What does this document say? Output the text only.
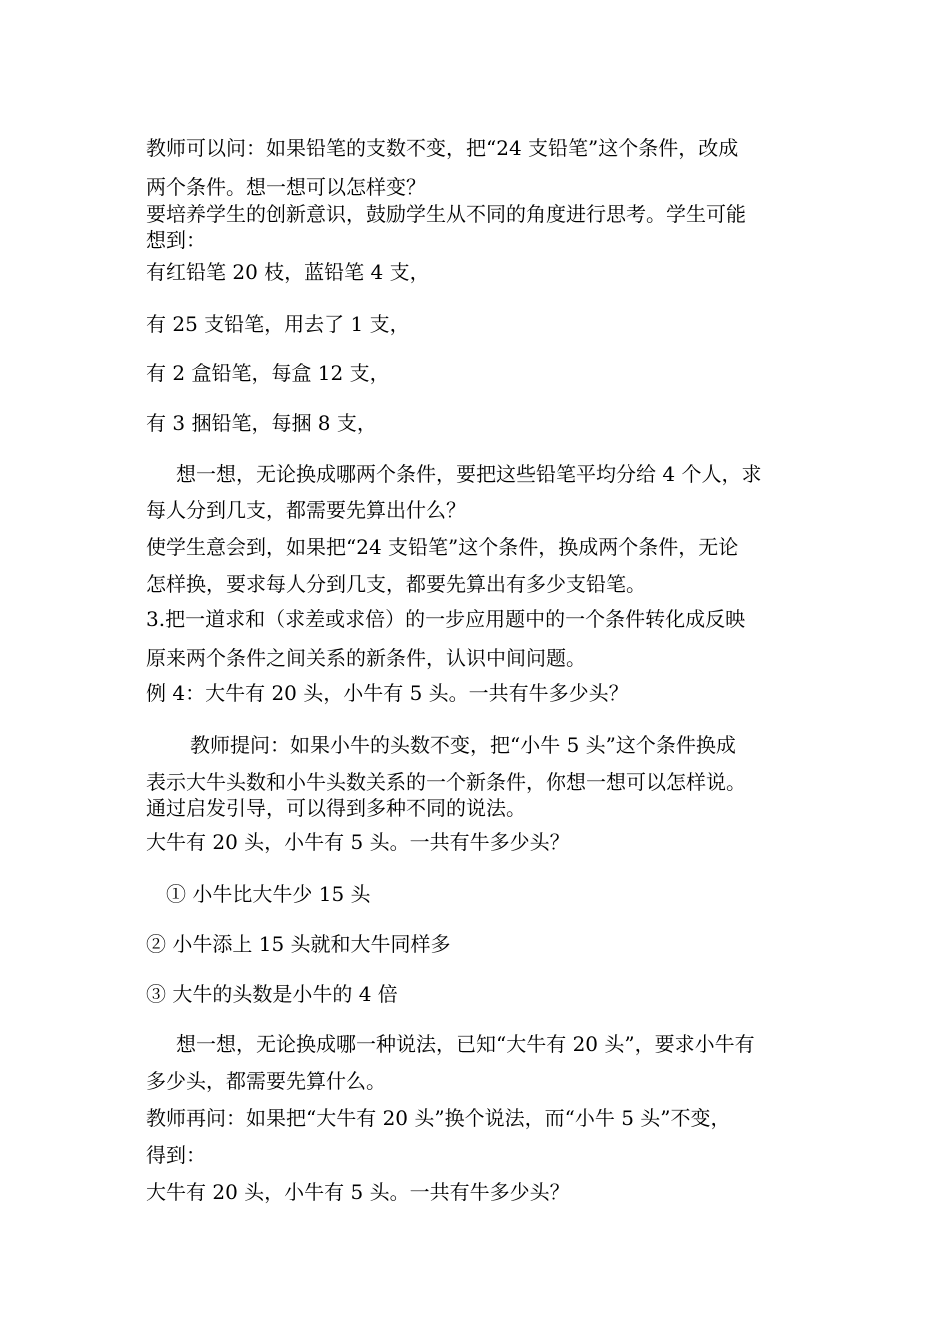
教师可以问：如果铅笔的支数不变，把“24 支铅笔”这个条件，改成
两个条件。想一想可以怎样变？
要培养学生的创新意识，鼓励学生从不同的角度进行思考。学生可能
想到：
有红铅笔 20 枝，蓝铅笔 4 支，
有 25 支铅笔，用去了 1 支，
有 2 盒铅笔，每盒 12 支，
有 3 捆铅笔，每捆 8 支，
想一想，无论换成哪两个条件，要把这些铅笔平均分给 4 个人，求
每人分到几支，都需要先算出什么？
使学生意会到，如果把“24 支铅笔”这个条件，换成两个条件，无论
怎样换，要求每人分到几支，都要先算出有多少支铅笔。
3.把一道求和（求差或求倍）的一步应用题中的一个条件转化成反映
原来两个条件之间关系的新条件，认识中间问题。
例 4：大牛有 20 头，小牛有 5 头。一共有牛多少头？
教师提问：如果小牛的头数不变，把“小牛 5 头”这个条件换成
表示大牛头数和小牛头数关系的一个新条件，你想一想可以怎样说。
通过启发引导，可以得到多种不同的说法。
大牛有 20 头，小牛有 5 头。一共有牛多少头？
① 小牛比大牛少 15 头
② 小牛添上 15 头就和大牛同样多
③ 大牛的头数是小牛的 4 倍
想一想，无论换成哪一种说法，已知“大牛有 20 头”，要求小牛有
多少头，都需要先算什么。
教师再问：如果把“大牛有 20 头”换个说法，而“小牛 5 头”不变，
得到：
大牛有 20 头，小牛有 5 头。一共有牛多少头？
